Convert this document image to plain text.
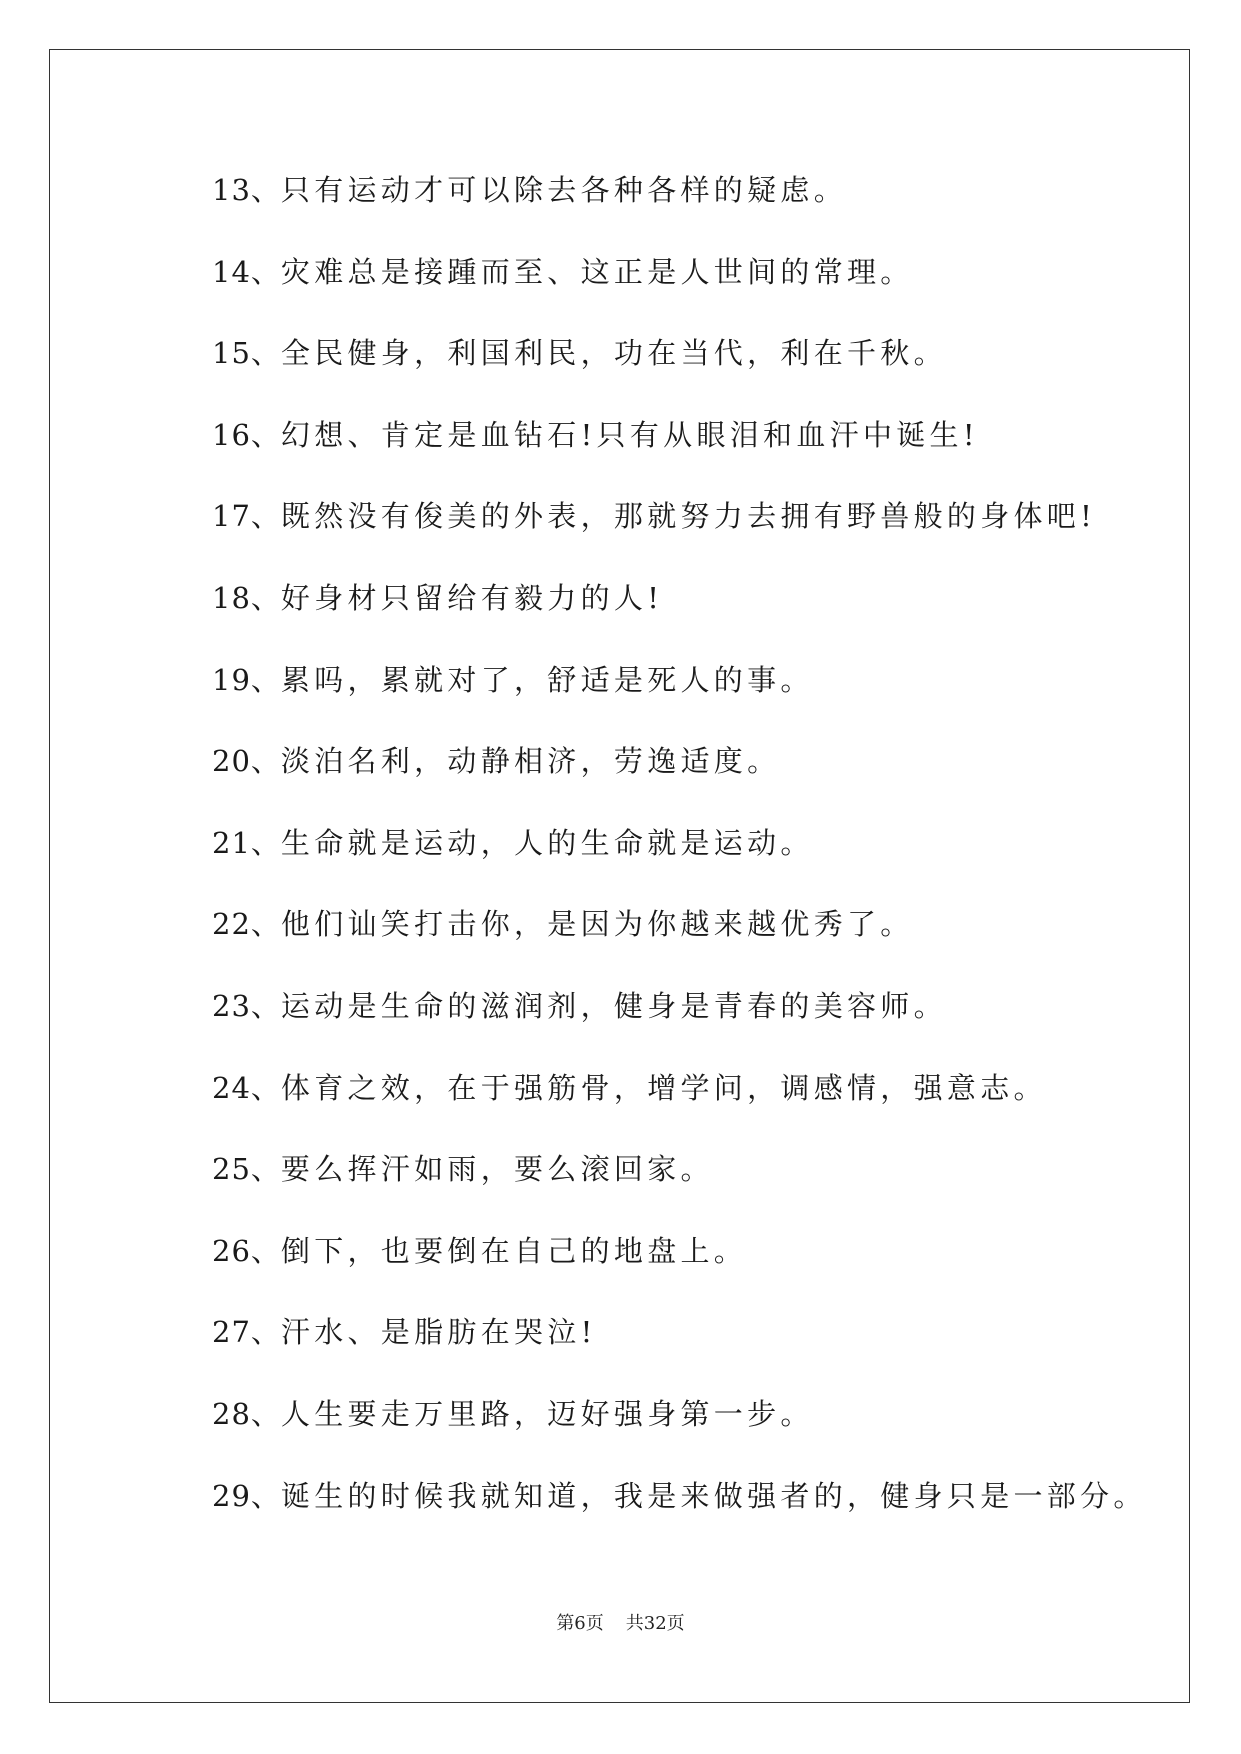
13、只有运动才可以除去各种各样的疑虑。
14、灾难总是接踵而至、这正是人世间的常理。
15、全民健身，利国利民，功在当代，利在千秋。
16、幻想、肯定是血钻石!只有从眼泪和血汗中诞生!
17、既然没有俊美的外表，那就努力去拥有野兽般的身体吧!
18、好身材只留给有毅力的人!
19、累吗，累就对了，舒适是死人的事。
20、淡泊名利，动静相济，劳逸适度。
21、生命就是运动，人的生命就是运动。
22、他们讪笑打击你，是因为你越来越优秀了。
23、运动是生命的滋润剂，健身是青春的美容师。
24、体育之效，在于强筋骨，增学问，调感情，强意志。
25、要么挥汗如雨，要么滚回家。
26、倒下，也要倒在自己的地盘上。
27、汗水、是脂肪在哭泣!
28、人生要走万里路，迈好强身第一步。
29、诞生的时候我就知道，我是来做强者的，健身只是一部分。
第6页 共32页
